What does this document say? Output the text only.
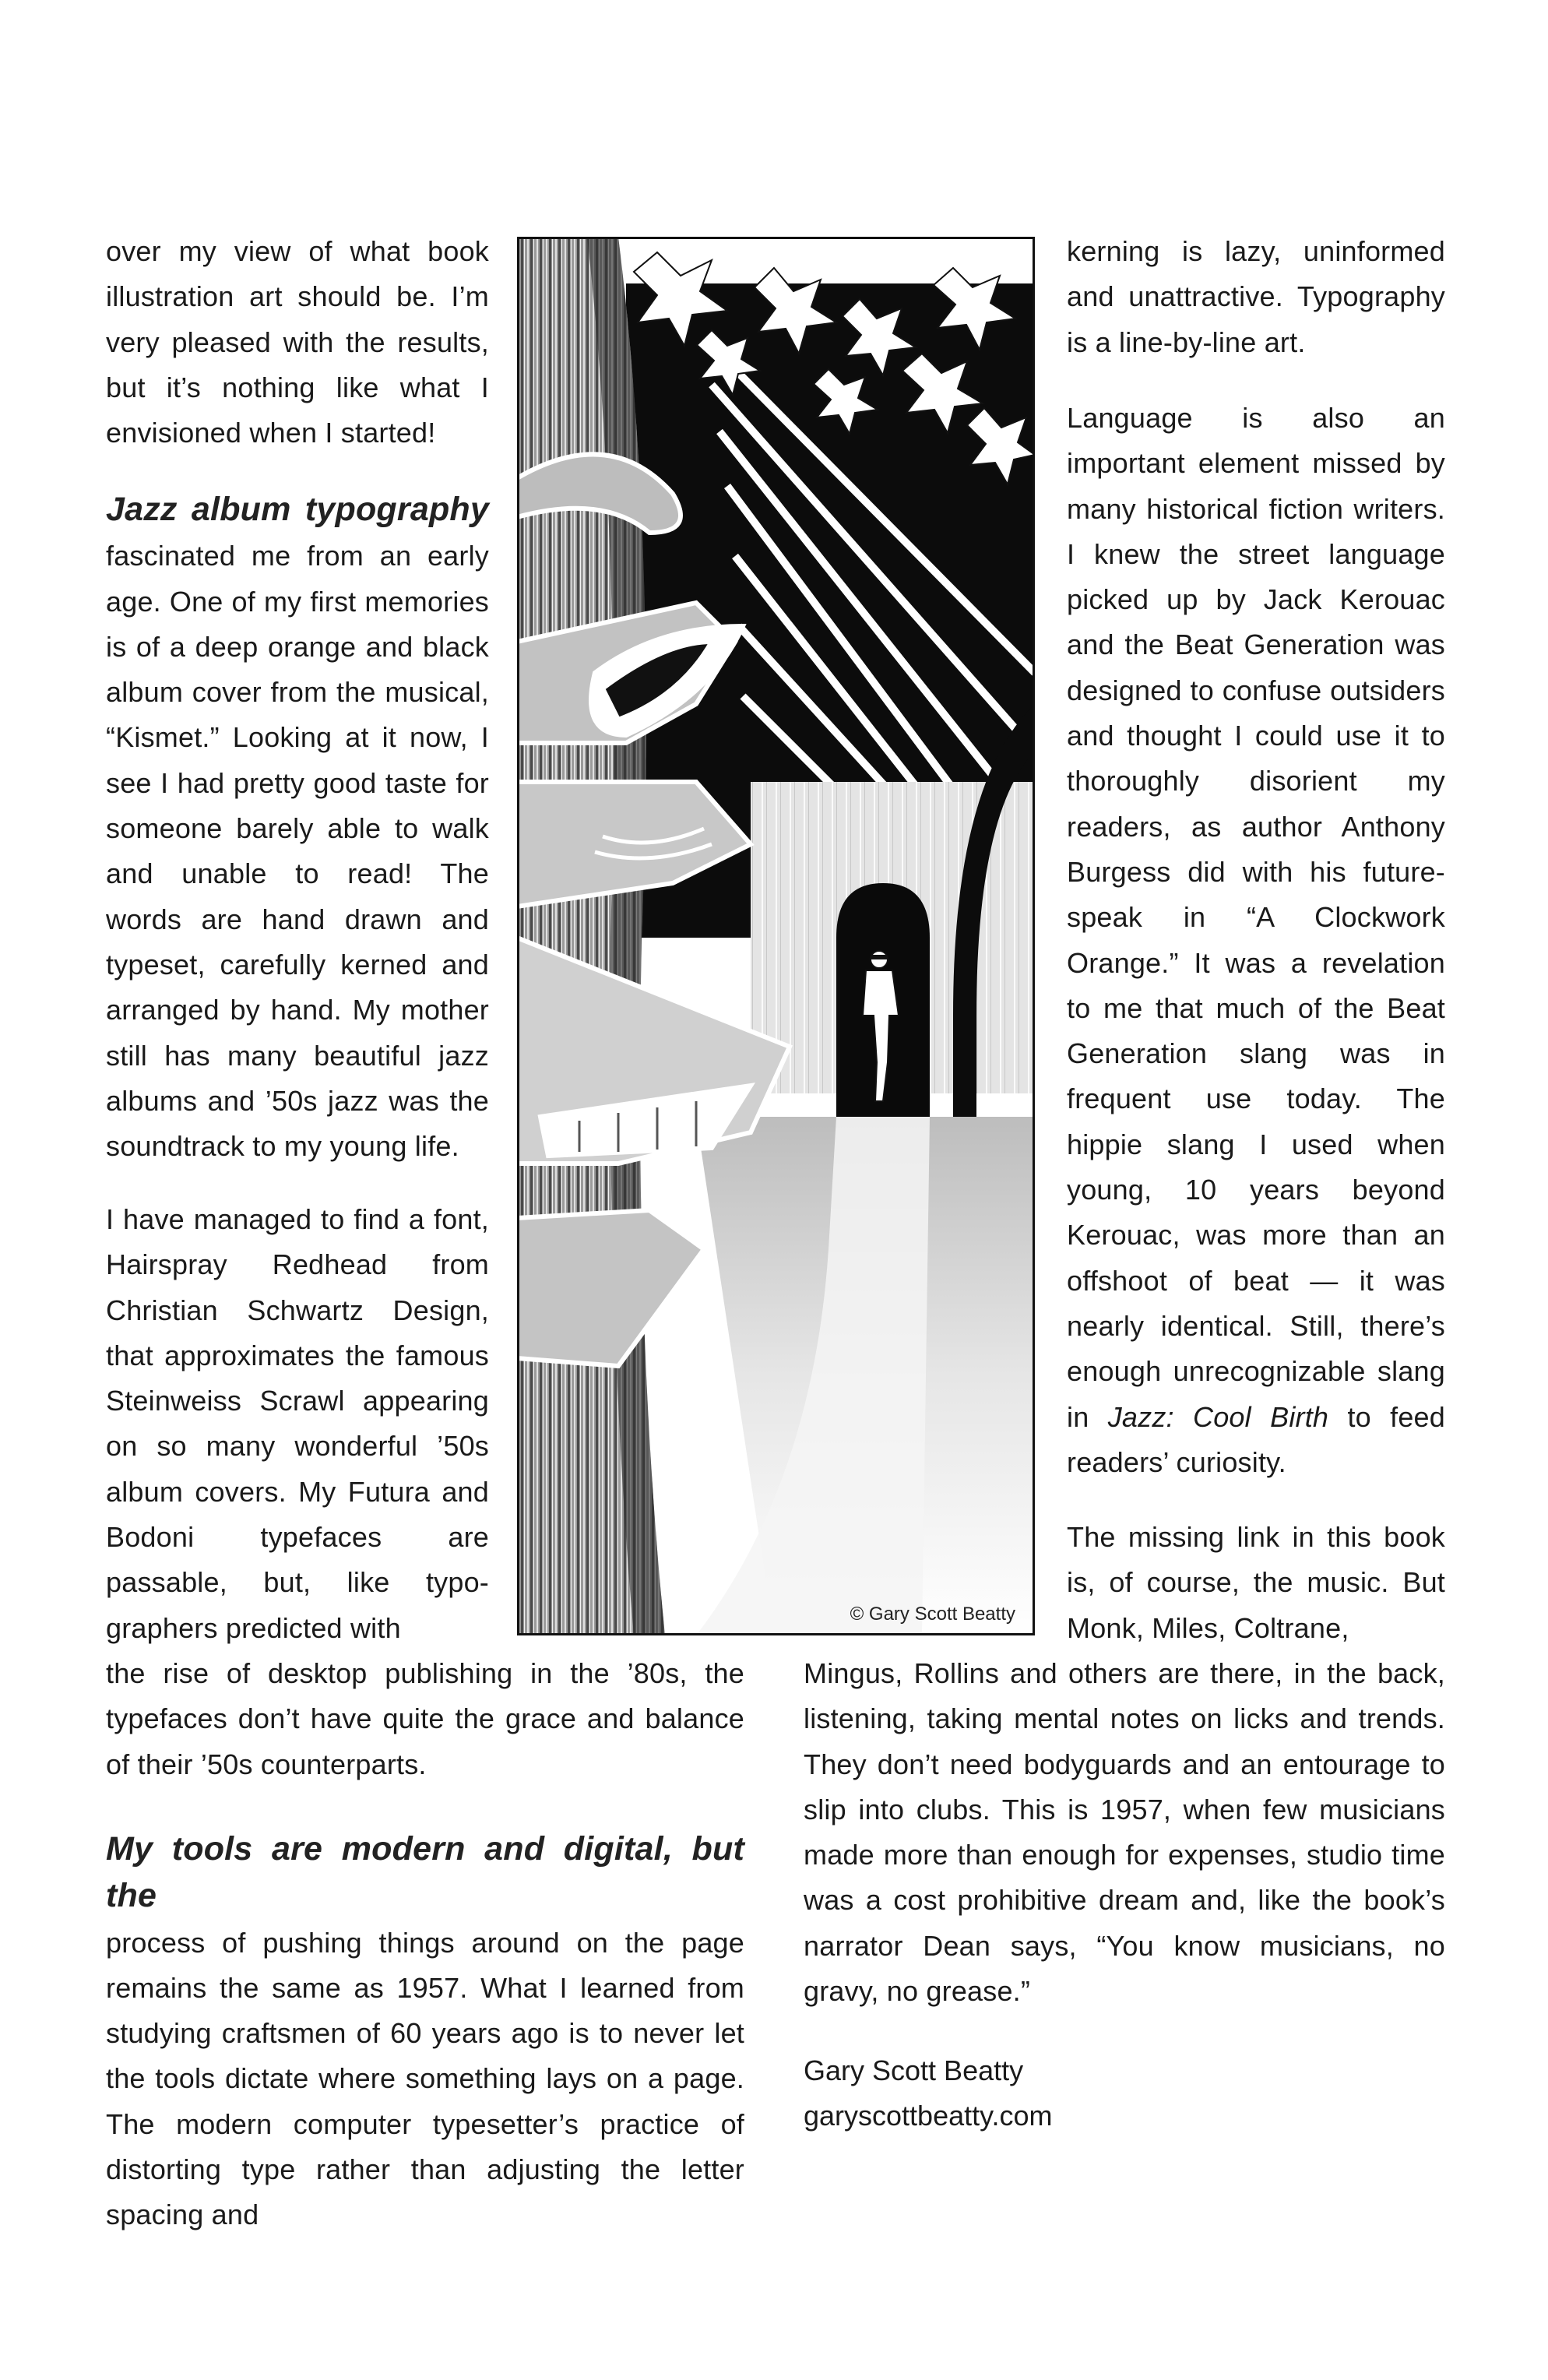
over my view of what book illustration art should be. I’m very pleased with the results, but it’s nothing like what I envisioned when I started!
Jazz album typography fascinated me from an early age. One of my first memories is of a deep orange and black album cover from the musical, “Kismet.” Looking at it now, I see I had pretty good taste for someone barely able to walk and unable to read! The words are hand drawn and typeset, carefully kerned and arranged by hand. My mother still has many beautiful jazz albums and ’50s jazz was the soundtrack to my young life.
I have managed to find a font, Hairspray Redhead from Christian Schwartz Design, that approximates the famous Steinweiss Scrawl appearing on so many wonderful ’50s album covers. My Futura and Bodoni typefaces are passable, but, like typo-graphers predicted with
the rise of desktop publishing in the ’80s, the typefaces don’t have quite the grace and balance of their ’50s counterparts.
My tools are modern and digital, but the
process of pushing things around on the page remains the same as 1957. What I learned from studying craftsmen of 60 years ago is to never let the tools dictate where something lays on a page. The modern computer typesetter’s practice of distorting type rather than adjusting the letter spacing and
kerning is lazy, uninformed and unattractive. Typography is a line-by-line art.
Language is also an important element missed by many historical fiction writers. I knew the street language picked up by Jack Kerouac and the Beat Generation was designed to confuse outsiders and thought I could use it to thoroughly disorient my readers, as author Anthony Burgess did with his future-speak in “A Clockwork Orange.” It was a revelation to me that much of the Beat Generation slang was in frequent use today. The hippie slang I used when young, 10 years beyond Kerouac, was more than an offshoot of beat — it was nearly identical. Still, there’s enough unrecognizable slang in Jazz: Cool Birth to feed readers’ curiosity.
The missing link in this book is, of course, the music. But Monk, Miles, Coltrane,
Mingus, Rollins and others are there, in the back, listening, taking mental notes on licks and trends. They don’t need bodyguards and an entourage to slip into clubs. This is 1957, when few musicians made more than enough for expenses, studio time was a cost prohibitive dream and, like the book’s narrator Dean says, “You know musicians, no gravy, no grease.”
Gary Scott Beatty
garyscottbeatty.com
© Gary Scott Beatty
